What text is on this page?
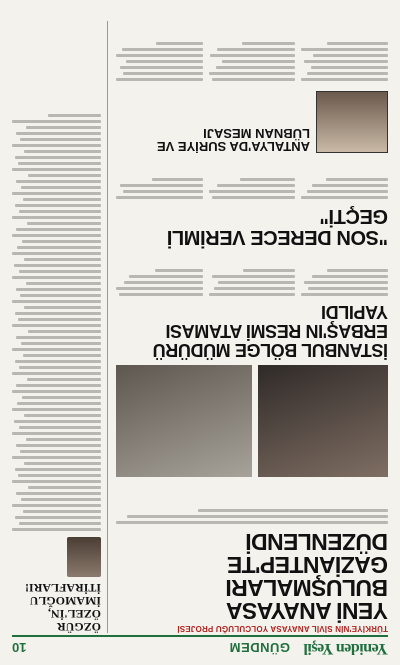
Yeniden Yeşil
GÜNDEM
10
TÜRKİYE'NİN SİVİL ANAYASA YOLCULUĞU PROJESİ
YENİ ANAYASA BULUŞMALARI GAZİANTEP'TE DÜZENLENDİ
ÖZGÜR ÖZEL'İN, İMAMOĞLU İTİRAFLARI!
İSTANBUL BÖLGE MÜDÜRÜ ERBAŞ'IN RESMİ ATAMASI YAPILDI
"SON DERECE VERİMLİ GEÇTİ"
ANTALYA'DA SURİYE VE LÜBNAN MESAJI
